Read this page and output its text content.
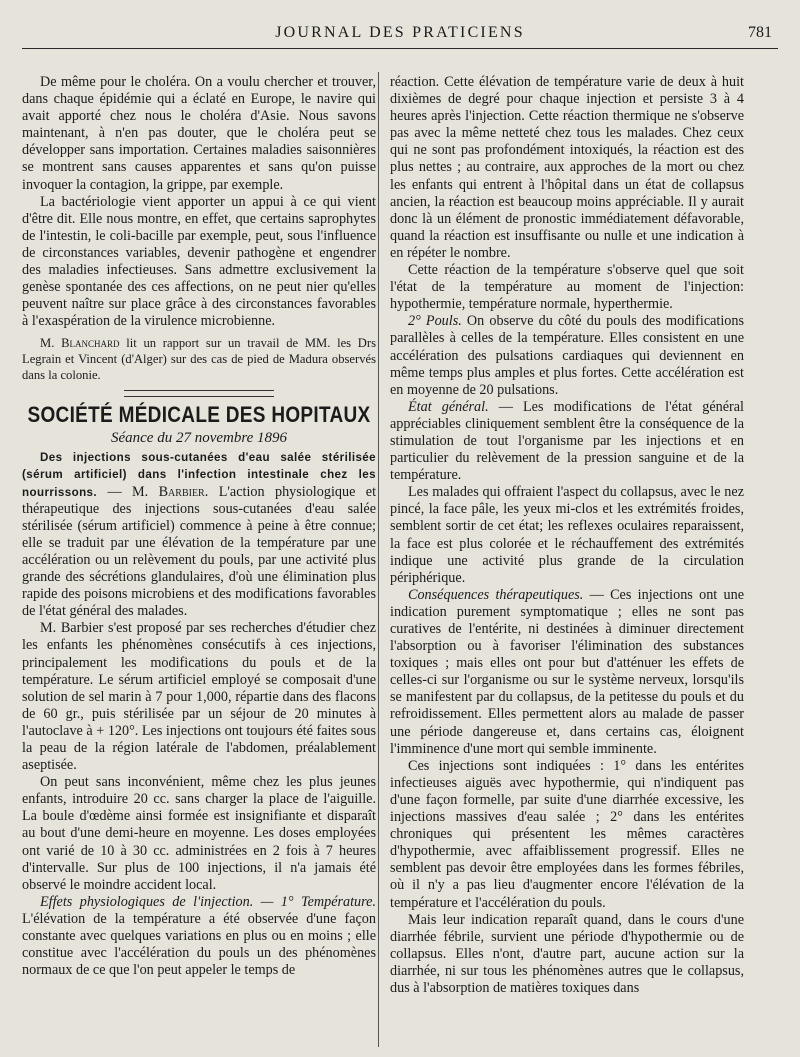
JOURNAL DES PRATICIENS	781

De même pour le choléra. On a voulu chercher et trouver, dans chaque épidémie qui a éclaté en Europe, le navire qui avait apporté chez nous le choléra d'Asie. Nous savons maintenant, à n'en pas douter, que le choléra peut se développer sans importation. Certaines maladies saisonnières se montrent sans causes apparentes et sans qu'on puisse invoquer la contagion, la grippe, par exemple.

La bactériologie vient apporter un appui à ce qui vient d'être dit. Elle nous montre, en effet, que certains saprophytes de l'intestin, le coli-bacille par exemple, peut, sous l'influence de circonstances variables, devenir pathogène et engendrer des maladies infectieuses. Sans admettre exclusivement la genèse spontanée des ces affections, on ne peut nier qu'elles peuvent naître sur place grâce à des circonstances favorables à l'exaspération de la virulence microbienne.

M. Blanchard lit un rapport sur un travail de MM. les Drs Legrain et Vincent (d'Alger) sur des cas de pied de Madura observés dans la colonie.

SOCIÉTÉ MÉDICALE DES HOPITAUX
Séance du 27 novembre 1896

Des injections sous-cutanées d'eau salée stérilisée (sérum artificiel) dans l'infection intestinale chez les nourrissons. — M. Barbier. L'action physiologique et thérapeutique des injections sous-cutanées d'eau salée stérilisée (sérum artificiel) commence à peine à être connue; elle se traduit par une élévation de la température par une accélération ou un relèvement du pouls, par une activité plus grande des sécrétions glandulaires, d'où une élimination plus rapide des poisons microbiens et des modifications favorables de l'état général des malades.

M. Barbier s'est proposé par ses recherches d'étudier chez les enfants les phénomènes consécutifs à ces injections, principalement les modifications du pouls et de la température. Le sérum artificiel employé se composait d'une solution de sel marin à 7 pour 1,000, répartie dans des flacons de 60 gr., puis stérilisée par un séjour de 20 minutes à l'autoclave à + 120°. Les injections ont toujours été faites sous la peau de la région latérale de l'abdomen, préalablement aseptisée.

On peut sans inconvénient, même chez les plus jeunes enfants, introduire 20 cc. sans charger la place de l'aiguille. La boule d'œdème ainsi formée est insignifiante et disparaît au bout d'une demi-heure en moyenne. Les doses employées ont varié de 10 à 30 cc. administrées en 2 fois à 7 heures d'intervalle. Sur plus de 100 injections, il n'a jamais été observé le moindre accident local.

Effets physiologiques de l'injection. — 1° Température. L'élévation de la température a été observée d'une façon constante avec quelques variations en plus ou en moins ; elle constitue avec l'accélération du pouls un des phénomènes normaux de ce que l'on peut appeler le temps de

réaction. Cette élévation de température varie de deux à huit dixièmes de degré pour chaque injection et persiste 3 à 4 heures après l'injection. Cette réaction thermique ne s'observe pas avec la même netteté chez tous les malades. Chez ceux qui ne sont pas profondément intoxiqués, la réaction est des plus nettes ; au contraire, aux approches de la mort ou chez les enfants qui entrent à l'hôpital dans un état de collapsus ancien, la réaction est beaucoup moins appréciable. Il y aurait donc là un élément de pronostic immédiatement défavorable, quand la réaction est insuffisante ou nulle et une indication à en répéter le nombre.

Cette réaction de la température s'observe quel que soit l'état de la température au moment de l'injection: hypothermie, température normale, hyperthermie.

2° Pouls. On observe du côté du pouls des modifications parallèles à celles de la température. Elles consistent en une accélération des pulsations cardiaques qui deviennent en même temps plus amples et plus fortes. Cette accélération est en moyenne de 20 pulsations.

État général. — Les modifications de l'état général appréciables cliniquement semblent être la conséquence de la stimulation de tout l'organisme par les injections et en particulier du relèvement de la pression sanguine et de la température.

Les malades qui offraient l'aspect du collapsus, avec le nez pincé, la face pâle, les yeux mi-clos et les extrémités froides, semblent sortir de cet état; les reflexes oculaires reparaissent, la face est plus colorée et le réchauffement des extrémités indique une activité plus grande de la circulation périphérique.

Conséquences thérapeutiques. — Ces injections ont une indication purement symptomatique ; elles ne sont pas curatives de l'entérite, ni destinées à diminuer directement l'absorption ou à favoriser l'élimination des substances toxiques ; mais elles ont pour but d'atténuer les effets de celles-ci sur l'organisme ou sur le système nerveux, lorsqu'ils se manifestent par du collapsus, de la petitesse du pouls et du refroidissement. Elles permettent alors au malade de passer une période dangereuse et, dans certains cas, éloignent l'imminence d'une mort qui semble imminente.

Ces injections sont indiquées : 1° dans les entérites infectieuses aiguës avec hypothermie, qui n'indiquent pas d'une façon formelle, par suite d'une diarrhée excessive, les injections massives d'eau salée ; 2° dans les entérites chroniques qui présentent les mêmes caractères d'hypothermie, avec affaiblissement progressif. Elles ne semblent pas devoir être employées dans les formes fébriles, où il n'y a pas lieu d'augmenter encore l'élévation de la température et l'accélération du pouls.

Mais leur indication reparaît quand, dans le cours d'une diarrhée fébrile, survient une période d'hypothermie ou de collapsus. Elles n'ont, d'autre part, aucune action sur la diarrhée, ni sur tous les phénomènes autres que le collapsus, dus à l'absorption de matières toxiques dans
